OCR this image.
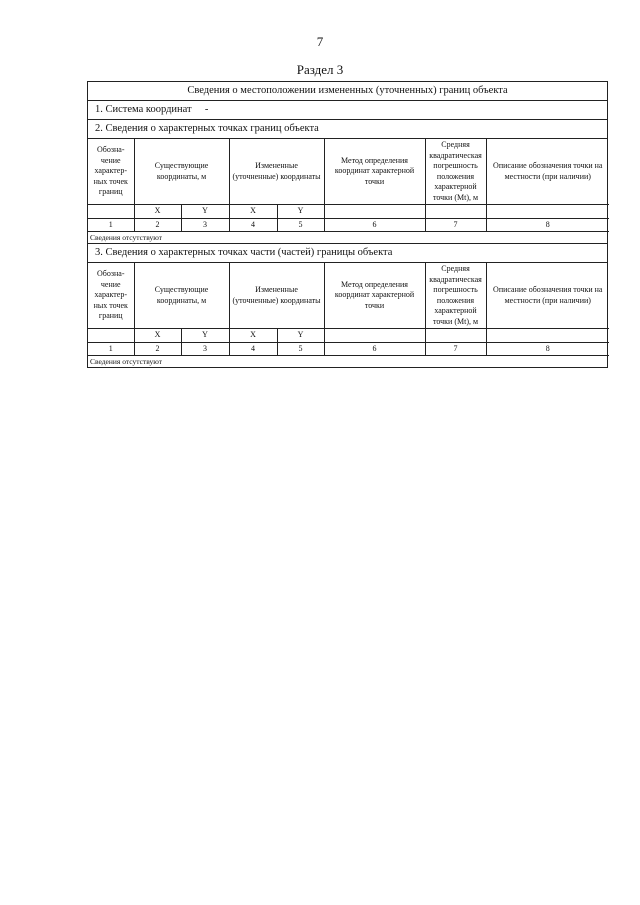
7
Раздел 3
Сведения о местоположении измененных (уточненных) границ объекта
1. Система координат -
2. Сведения о характерных точках границ объекта
Обозна-чение характер-ных точек границ	Существующие координаты, м		Измененные (уточненные) координаты		Метод определения координат характерной точки	Средняя квадратическая погрешность положения характерной точки (Mt), м	Описание обозначения точки на местности (при наличии)
	X	Y	X	Y			
1	2	3	4	5	6	7	8
Сведения отсутствуют
3. Сведения о характерных точках части (частей) границы объекта
Обозна-чение характер-ных точек границ	Существующие координаты, м		Измененные (уточненные) координаты		Метод определения координат характерной точки	Средняя квадратическая погрешность положения характерной точки (Mt), м	Описание обозначения точки на местности (при наличии)
	X	Y	X	Y			
1	2	3	4	5	6	7	8
Сведения отсутствуют
